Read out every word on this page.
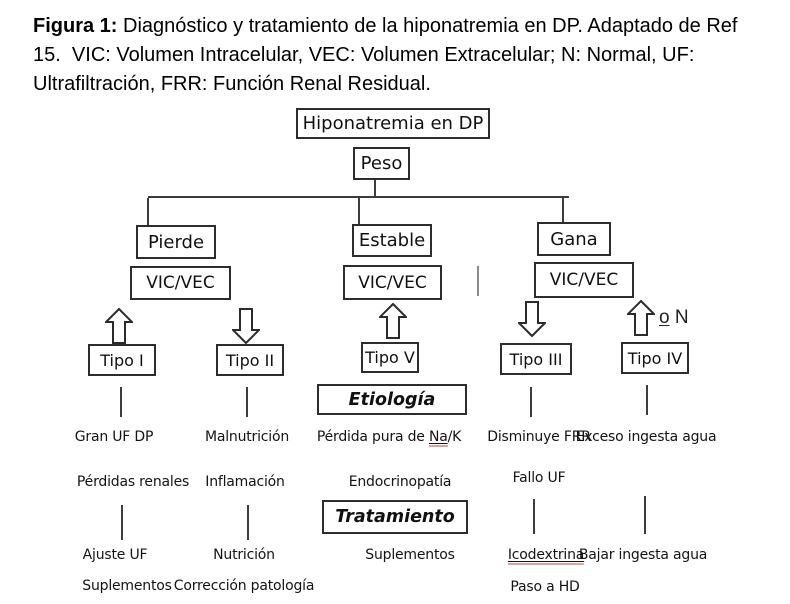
Figura 1: Diagnóstico y tratamiento de la hiponatremia en DP. Adaptado de Ref
15.  VIC: Volumen Intracelular, VEC: Volumen Extracelular; N: Normal, UF:
Ultrafiltración, FRR: Función Renal Residual.
Hiponatremia en DP
Peso
Pierde	Estable	Gana
VIC/VEC	VIC/VEC	VIC/VEC
o N
Tipo I	Tipo II	Tipo V	Tipo III	Tipo IV
Etiología
Tratamiento
Gran UF DP	Malnutrición Pérdida pura de Na/K Disminuye FRR
Exceso ingesta agua
Pérdidas renales Inflamación	Endocrinopatía	Fallo UF
Ajuste UF	Nutrición	Suplementos	Icodextrina
Bajar ingesta agua
Suplementos Corrección patología	Paso a HD
